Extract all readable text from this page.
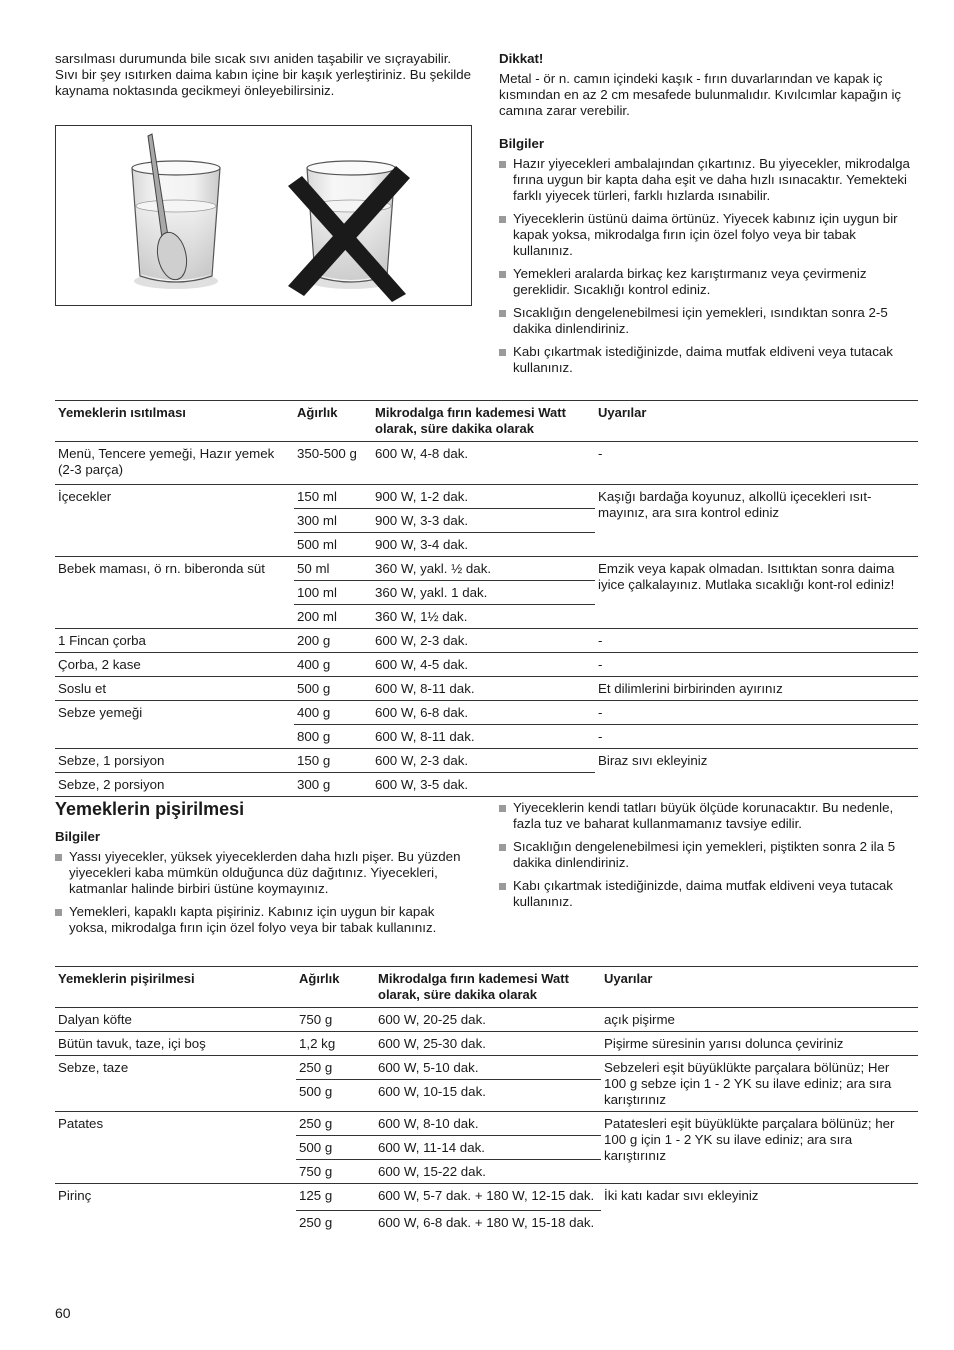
sarsılması durumunda bile sıcak sıvı aniden taşabilir ve sıçrayabilir. Sıvı bir şey ısıtırken daima kabın içine bir kaşık yerleştiriniz. Bu şekilde kaynama noktasında gecikmeyi önleyebilirsiniz.

Dikkat!

Metal - ör n. camın içindeki kaşık - fırın duvarlarından ve kapak iç kısmından en az 2 cm mesafede bulunmalıdır. Kıvılcımlar kapağın iç camına zarar verebilir.

Bilgiler

Hazır yiyecekleri ambalajından çıkartınız. Bu yiyecekler, mikrodalga fırına uygun bir kapta daha eşit ve daha hızlı ısınacaktır. Yemekteki farklı yiyecek türleri, farklı hızlarda ısınabilir.
Yiyeceklerin üstünü daima örtünüz. Yiyecek kabınız için uygun bir kapak yoksa, mikrodalga fırın için özel folyo veya bir tabak kullanınız.
Yemekleri aralarda birkaç kez karıştırmanız veya çevirmeniz gereklidir. Sıcaklığı kontrol ediniz.
Sıcaklığın dengelenebilmesi için yemekleri, ısındıktan sonra 2-5 dakika dinlendiriniz.
Kabı çıkartmak istediğinizde, daima mutfak eldiveni veya tutacak kullanınız.
Yemeklerin ısıtılması	Ağırlık	Mikrodalga fırın kademesi Watt olarak, süre dakika olarak	Uyarılar
Menü, Tencere yemeği, Hazır yemek (2-3 parça)	350-500 g	600 W, 4-8 dak.	-
İçecekler	150 ml	900 W, 1-2 dak.	Kaşığı bardağa koyunuz, alkollü içecekleri ısıt-mayınız, ara sıra kontrol ediniz
	300 ml	900 W, 3-3 dak.	
	500 ml	900 W, 3-4 dak.	
Bebek maması, ö rn. biberonda süt	50 ml	360 W, yakl. ½ dak.	Emzik veya kapak olmadan. Isıttıktan sonra daima iyice çalkalayınız. Mutlaka sıcaklığı kont-rol ediniz!
	100 ml	360 W, yakl. 1 dak.	
	200 ml	360 W, 1½ dak.	
1 Fincan çorba	200 g	600 W, 2-3 dak.	-
Çorba, 2 kase	400 g	600 W, 4-5 dak.	-
Soslu et	500 g	600 W, 8-11 dak.	Et dilimlerini birbirinden ayırınız
Sebze yemeği	400 g	600 W, 6-8 dak.	-
	800 g	600 W, 8-11 dak.	-
Sebze, 1 porsiyon	150 g	600 W, 2-3 dak.	Biraz sıvı ekleyiniz
Sebze, 2 porsiyon	300 g	600 W, 3-5 dak.	
Yemeklerin pişirilmesi

Bilgiler

Yassı yiyecekler, yüksek yiyeceklerden daha hızlı pişer. Bu yüzden yiyecekleri kaba mümkün olduğunca düz dağıtınız. Yiyecekleri, katmanlar halinde birbiri üstüne koymayınız.
Yemekleri, kapaklı kapta pişiriniz. Kabınız için uygun bir kapak yoksa, mikrodalga fırın için özel folyo veya bir tabak kullanınız.
Yiyeceklerin kendi tatları büyük ölçüde korunacaktır. Bu nedenle, fazla tuz ve baharat kullanmamanız tavsiye edilir.
Sıcaklığın dengelenebilmesi için yemekleri, piştikten sonra 2 ila 5 dakika dinlendiriniz.
Kabı çıkartmak istediğinizde, daima mutfak eldiveni veya tutacak kullanınız.
Yemeklerin pişirilmesi	Ağırlık	Mikrodalga fırın kademesi Watt olarak, süre dakika olarak	Uyarılar
Dalyan köfte	750 g	600 W, 20-25 dak.	açık pişirme
Bütün tavuk, taze, içi boş	1,2 kg	600 W, 25-30 dak.	Pişirme süresinin yarısı dolunca çeviriniz
Sebze, taze	250 g	600 W, 5-10 dak.	Sebzeleri eşit büyüklükte parçalara bölünüz; Her 100 g sebze için 1 - 2 YK su ilave ediniz; ara sıra karıştırınız
	500 g	600 W, 10-15 dak.	
Patates	250 g	600 W, 8-10 dak.	Patatesleri eşit büyüklükte parçalara bölünüz; her 100 g için 1 - 2 YK su ilave ediniz; ara sıra karıştırınız
	500 g	600 W, 11-14 dak.	
	750 g	600 W, 15-22 dak.	
Pirinç	125 g	600 W, 5-7 dak. + 180 W, 12-15 dak.	İki katı kadar sıvı ekleyiniz
	250 g	600 W, 6-8 dak. + 180 W, 15-18 dak.	
60
